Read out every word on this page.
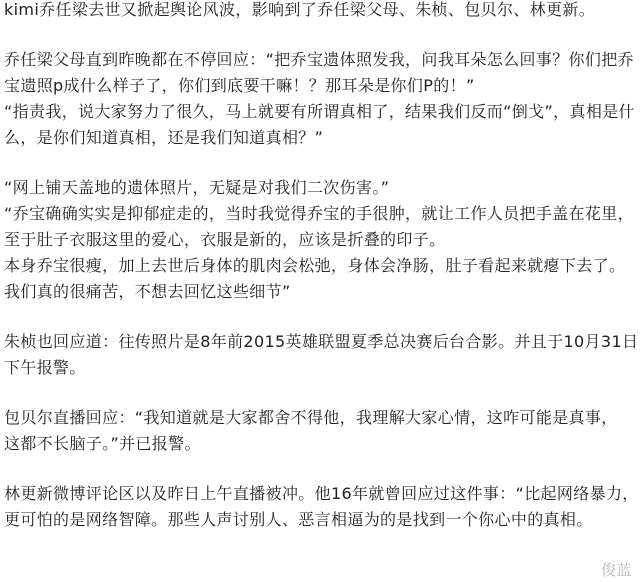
kimi乔任梁去世又掀起舆论风波，影响到了乔任梁父母、朱桢、包贝尔、林更新。

乔任梁父母直到昨晚都在不停回应：“把乔宝遗体照发我，问我耳朵怎么回事？你们把乔
宝遗照p成什么样子了，你们到底要干嘛！？那耳朵是你们P的！”
“指责我，说大家努力了很久，马上就要有所谓真相了，结果我们反而“倒戈”，真相是什
么，是你们知道真相，还是我们知道真相？”

“网上铺天盖地的遗体照片，无疑是对我们二次伤害。”
“乔宝确确实实是抑郁症走的，当时我觉得乔宝的手很肿，就让工作人员把手盖在花里，
至于肚子衣服这里的爱心，衣服是新的，应该是折叠的印子。
本身乔宝很瘦，加上去世后身体的肌肉会松弛，身体会净肠，肚子看起来就瘪下去了。
我们真的很痛苦，不想去回忆这些细节”

朱桢也回应道：往传照片是8年前2015英雄联盟夏季总决赛后台合影。并且于10月31日
下午报警。

包贝尔直播回应：“我知道就是大家都舍不得他，我理解大家心情，这咋可能是真事，
这都不长脑子。”并已报警。

林更新微博评论区以及昨日上午直播被冲。他16年就曾回应过这件事：“比起网络暴力，
更可怕的是网络智障。那些人声讨别人、恶言相逼为的是找到一个你心中的真相。

俊蓝
